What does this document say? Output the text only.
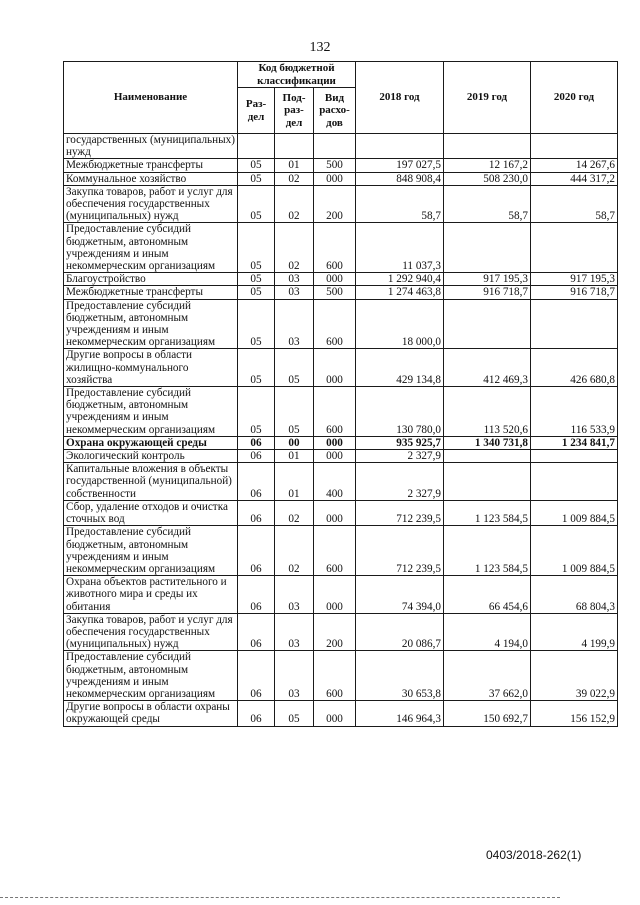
132
Наименование	Код бюджетной классификации			2018 год	2019 год	2020 год
	Раз-дел	Под-раз-дел	Вид расхо-дов			
государственных (муниципальных) нужд						
Межбюджетные трансферты	05	01	500	197 027,5	12 167,2	14 267,6
Коммунальное хозяйство	05	02	000	848 908,4	508 230,0	444 317,2
Закупка товаров, работ и услуг для обеспечения государственных (муниципальных) нужд	05	02	200	58,7	58,7	58,7
Предоставление субсидий бюджетным, автономным учреждениям и иным некоммерческим организациям	05	02	600	11 037,3		
Благоустройство	05	03	000	1 292 940,4	917 195,3	917 195,3
Межбюджетные трансферты	05	03	500	1 274 463,8	916 718,7	916 718,7
Предоставление субсидий бюджетным, автономным учреждениям и иным некоммерческим организациям	05	03	600	18 000,0		
Другие вопросы в области жилищно-коммунального хозяйства	05	05	000	429 134,8	412 469,3	426 680,8
Предоставление субсидий бюджетным, автономным учреждениям и иным некоммерческим организациям	05	05	600	130 780,0	113 520,6	116 533,9
Охрана окружающей среды	06	00	000	935 925,7	1 340 731,8	1 234 841,7
Экологический контроль	06	01	000	2 327,9		
Капитальные вложения в объекты государственной (муниципальной) собственности	06	01	400	2 327,9		
Сбор, удаление отходов и очистка сточных вод	06	02	000	712 239,5	1 123 584,5	1 009 884,5
Предоставление субсидий бюджетным, автономным учреждениям и иным некоммерческим организациям	06	02	600	712 239,5	1 123 584,5	1 009 884,5
Охрана объектов растительного и животного мира и среды их обитания	06	03	000	74 394,0	66 454,6	68 804,3
Закупка товаров, работ и услуг для обеспечения государственных (муниципальных) нужд	06	03	200	20 086,7	4 194,0	4 199,9
Предоставление субсидий бюджетным, автономным учреждениям и иным некоммерческим организациям	06	03	600	30 653,8	37 662,0	39 022,9
Другие вопросы в области охраны окружающей среды	06	05	000	146 964,3	150 692,7	156 152,9
0403/2018-262(1)
